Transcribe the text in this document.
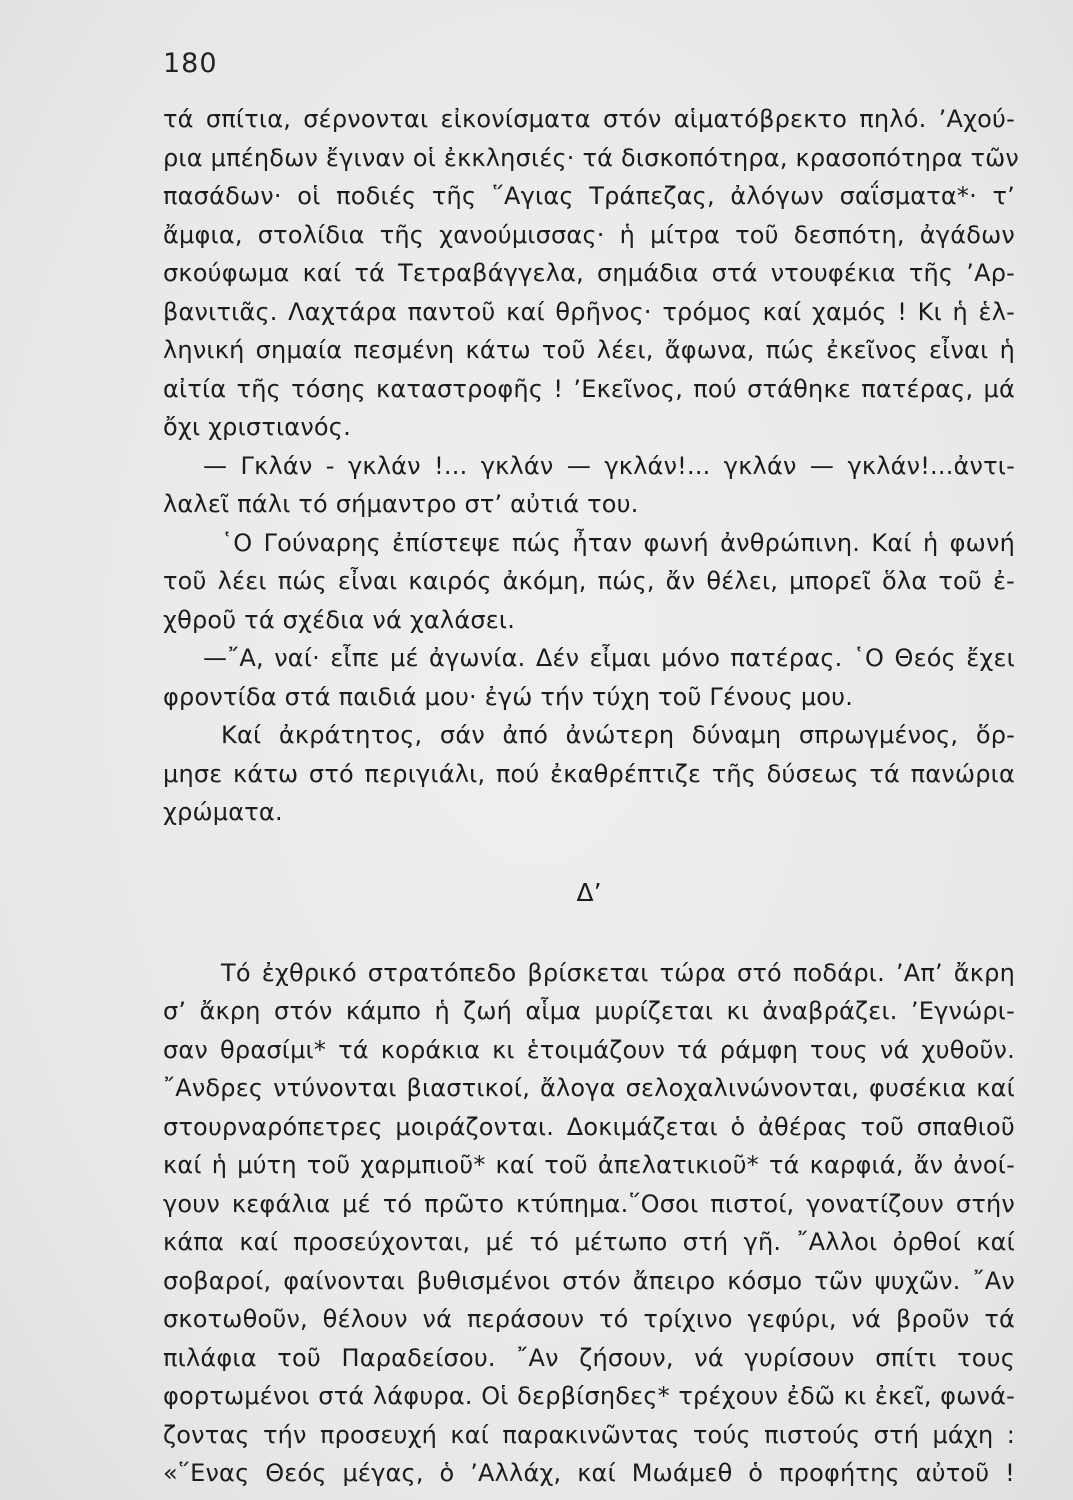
180
τά σπίτια, σέρνονται εἰκονίσματα στόν αἱματόβρεκτο πηλό. ’Αχού-
ρια μπέηδων ἔγιναν οἱ ἐκκλησιές· τά δισκοπότηρα, κρασοπότηρα τῶν
πασάδων· οἱ ποδιές τῆς ῞Αγιας Τράπεζας, ἀλόγων σαΐσματα*· τ’
ἄμφια, στολίδια τῆς χανούμισσας· ἡ μίτρα τοῦ δεσπότη, ἀγάδων
σκούφωμα καί τά Τετραβάγγελα, σημάδια στά ντουφέκια τῆς ’Αρ-
βανιτιᾶς. Λαχτάρα παντοῦ καί θρῆνος· τρόμος καί χαμός ! Κι ἡ ἑλ-
ληνική σημαία πεσμένη κάτω τοῦ λέει, ἄφωνα, πώς ἐκεῖνος εἶναι ἡ
αἰτία τῆς τόσης καταστροφῆς ! ’Εκεῖνος, πού στάθηκε πατέρας, μά
ὄχι χριστιανός.
— Γκλάν - γκλάν !... γκλάν — γκλάν!... γκλάν — γκλάν!...ἀντι-
λαλεῖ πάλι τό σήμαντρο στ’ αὐτιά του.
῾Ο Γούναρης ἐπίστεψε πώς ἦταν φωνή ἀνθρώπινη. Καί ἡ φωνή
τοῦ λέει πώς εἶναι καιρός ἀκόμη, πώς, ἄν θέλει, μπορεῖ ὅλα τοῦ ἐ-
χθροῦ τά σχέδια νά χαλάσει.
—῎Α, ναί· εἶπε μέ ἀγωνία. Δέν εἶμαι μόνο πατέρας. ῾Ο Θεός ἔχει
φροντίδα στά παιδιά μου· ἐγώ τήν τύχη τοῦ Γένους μου.
Καί ἀκράτητος, σάν ἀπό ἀνώτερη δύναμη σπρωγμένος, ὅρ-
μησε κάτω στό περιγιάλι, πού ἐκαθρέπτιζε τῆς δύσεως τά πανώρια
χρώματα.
Δ’
Τό ἐχθρικό στρατόπεδο βρίσκεται τώρα στό ποδάρι. ’Απ’ ἄκρη
σ’ ἄκρη στόν κάμπο ἡ ζωή αἷμα μυρίζεται κι ἀναβράζει. ’Εγνώρι-
σαν θρασίμι* τά κοράκια κι ἑτοιμάζουν τά ράμφη τους νά χυθοῦν.
῎Ανδρες ντύνονται βιαστικοί, ἄλογα σελοχαλινώνονται, φυσέκια καί
στουρναρόπετρες μοιράζονται. Δοκιμάζεται ὁ ἀθέρας τοῦ σπαθιοῦ
καί ἡ μύτη τοῦ χαρμπιοῦ* καί τοῦ ἀπελατικιοῦ* τά καρφιά, ἄν ἀνοί-
γουν κεφάλια μέ τό πρῶτο κτύπημα.῞Οσοι πιστοί, γονατίζουν στήν
κάπα καί προσεύχονται, μέ τό μέτωπο στή γῆ. ῎Αλλοι ὀρθοί καί
σοβαροί, φαίνονται βυθισμένοι στόν ἄπειρο κόσμο τῶν ψυχῶν. ῎Αν
σκοτωθοῦν, θέλουν νά περάσουν τό τρίχινο γεφύρι, νά βροῦν τά
πιλάφια τοῦ Παραδείσου. ῎Αν ζήσουν, νά γυρίσουν σπίτι τους
φορτωμένοι στά λάφυρα. Οἱ δερβίσηδες* τρέχουν ἐδῶ κι ἐκεῖ, φωνά-
ζοντας τήν προσευχή καί παρακινῶντας τούς πιστούς στή μάχη :
«῞Ενας Θεός μέγας, ὁ ’Αλλάχ, καί Μωάμεθ ὁ προφήτης αὐτοῦ !
